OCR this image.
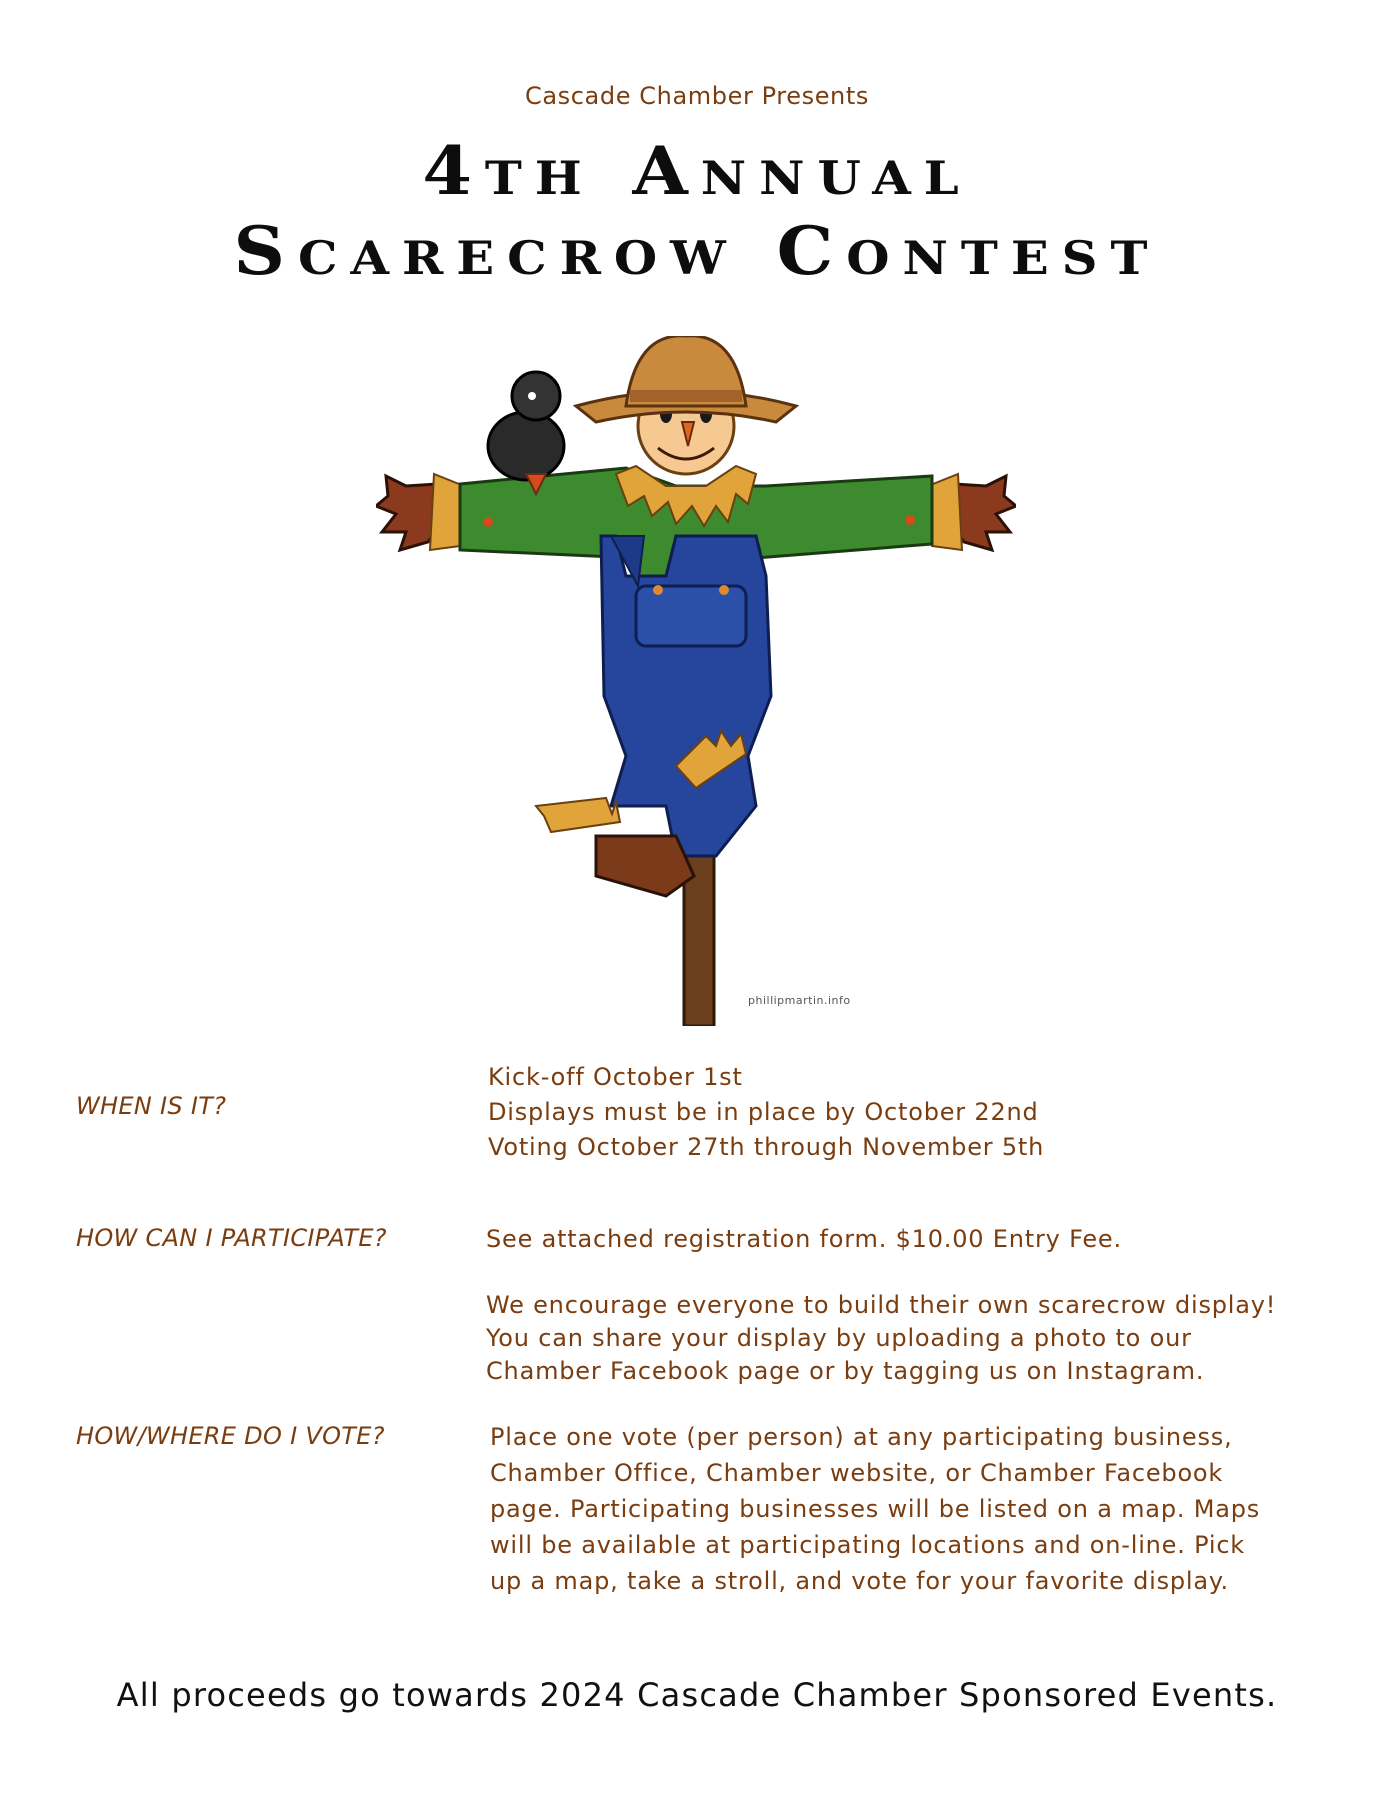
Cascade Chamber Presents
4th Annual
Scarecrow Contest
phillipmartin.info
WHEN IS IT?
Kick-off October 1st
Displays must be in place by October 22nd
Voting October 27th through November 5th
HOW CAN I PARTICIPATE?	See attached registration form. $10.00 Entry Fee.
We encourage everyone to build their own scarecrow display!
You can share your display by uploading a photo to our
Chamber Facebook page or by tagging us on Instagram.
HOW/WHERE DO I VOTE?	Place one vote (per person) at any participating business,
Chamber Office, Chamber website, or Chamber Facebook
page. Participating businesses will be listed on a map. Maps
will be available at participating locations and on-line. Pick
up a map, take a stroll, and vote for your favorite display.
All proceeds go towards 2024 Cascade Chamber Sponsored Events.
